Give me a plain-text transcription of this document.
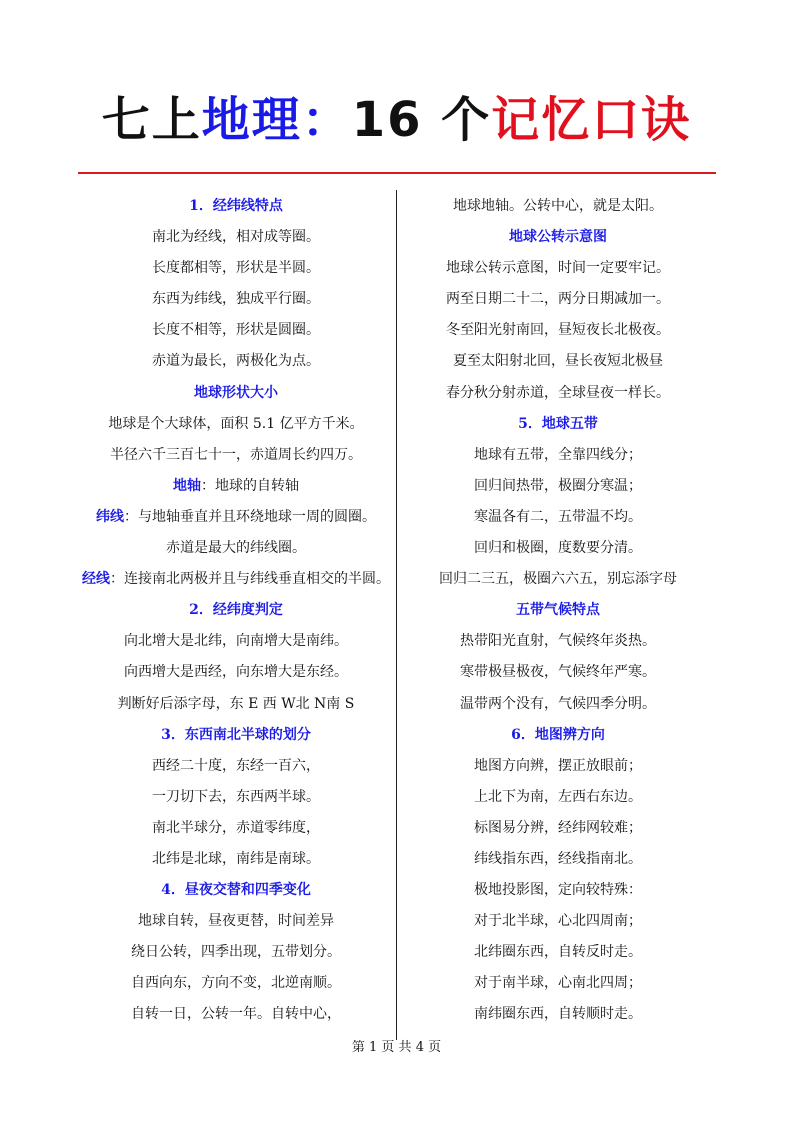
七上地理：16 个记忆口诀
1．经纬线特点
南北为经线，相对成等圈。
长度都相等，形状是半圆。
东西为纬线，独成平行圈。
长度不相等，形状是圆圈。
赤道为最长，两极化为点。
地球形状大小
地球是个大球体，面积 5.1 亿平方千米。
半径六千三百七十一，赤道周长约四万。
地轴：地球的自转轴
纬线：与地轴垂直并且环绕地球一周的圆圈。
赤道是最大的纬线圈。
经线：连接南北两极并且与纬线垂直相交的半圆。
2．经纬度判定
向北增大是北纬，向南增大是南纬。
向西增大是西经，向东增大是东经。
判断好后添字母，东 E 西 W北 N南 S
3．东西南北半球的划分
西经二十度，东经一百六，
一刀切下去，东西两半球。
南北半球分，赤道零纬度，
北纬是北球，南纬是南球。
4．昼夜交替和四季变化
地球自转，昼夜更替，时间差异
绕日公转，四季出现，五带划分。
自西向东，方向不变，北逆南顺。
自转一日，公转一年。自转中心，
地球地轴。公转中心，就是太阳。
地球公转示意图
地球公转示意图，时间一定要牢记。
两至日期二十二，两分日期减加一。
冬至阳光射南回，昼短夜长北极夜。
夏至太阳射北回，昼长夜短北极昼
春分秋分射赤道，全球昼夜一样长。
5．地球五带
地球有五带，全靠四线分；
回归间热带，极圈分寒温；
寒温各有二，五带温不均。
回归和极圈，度数要分清。
回归二三五，极圈六六五，别忘添字母
五带气候特点
热带阳光直射，气候终年炎热。
寒带极昼极夜，气候终年严寒。
温带两个没有，气候四季分明。
6．地图辨方向
地图方向辨，摆正放眼前；
上北下为南，左西右东边。
标图易分辨，经纬网较难；
纬线指东西，经线指南北。
极地投影图，定向较特殊：
对于北半球，心北四周南；
北纬圈东西，自转反时走。
对于南半球，心南北四周；
南纬圈东西，自转顺时走。
第 1 页 共 4 页
